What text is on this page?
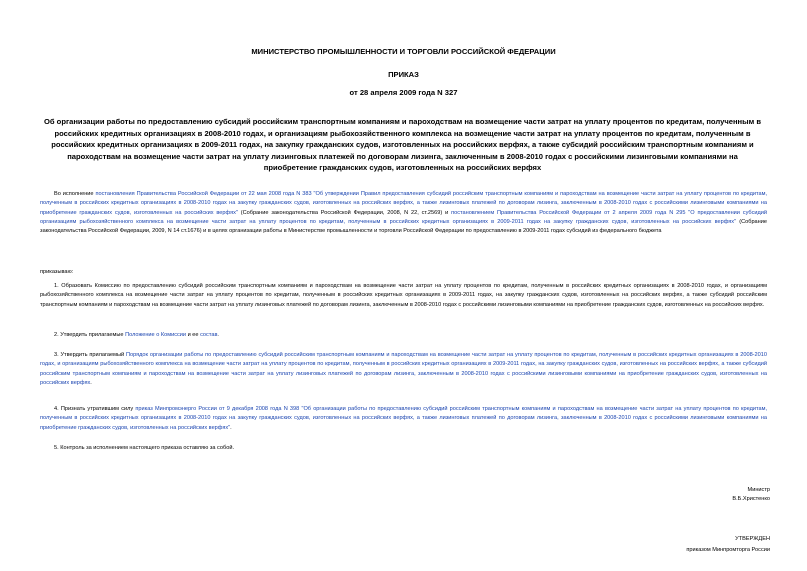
МИНИСТЕРСТВО ПРОМЫШЛЕННОСТИ И ТОРГОВЛИ РОССИЙСКОЙ ФЕДЕРАЦИИ
ПРИКАЗ
от 28 апреля 2009 года N 327
Об организации работы по предоставлению субсидий российским транспортным компаниям и пароходствам на возмещение части затрат на уплату процентов по кредитам, полученным в российских кредитных организациях в 2008-2010 годах, и организациям рыбохозяйственного комплекса на возмещение части затрат на уплату процентов по кредитам, полученным в российских кредитных организациях в 2009-2011 годах, на закупку гражданских судов, изготовленных на российских верфях, а также субсидий российским транспортным компаниям и пароходствам на возмещение части затрат на уплату лизинговых платежей по договорам лизинга, заключенным в 2008-2010 годах с российскими лизинговыми компаниями на приобретение гражданских судов, изготовленных на российских верфях
Во исполнение постановления Правительства Российской Федерации от 22 мая 2008 года N 383 "Об утверждении Правил предоставления субсидий российским транспортным компаниям и пароходствам на возмещение части затрат на уплату процентов по кредитам, полученным в российских кредитных организациях в 2008-2010 годах на закупку гражданских судов, изготовленных на российских верфях, а также лизинговых платежей по договорам лизинга, заключенным в 2008-2010 годах с российскими лизинговыми компаниями на приобретение гражданских судов, изготовленных на российских верфях" (Собрание законодательства Российской Федерации, 2008, N 22, ст.2569) и постановлением Правительства Российской Федерации от 2 апреля 2009 года N 295 "О предоставлении субсидий организациям рыбохозяйственного комплекса на возмещение части затрат на уплату процентов по кредитам, полученным в российских кредитных организациях в 2009-2011 годах на закупку гражданских судов, изготовленных на российских верфях" (Собрание законодательства Российской Федерации, 2009, N 14 ст.1676) и в целях организации работы в Министерстве промышленности и торговли Российской Федерации по предоставлению в 2009-2011 годах субсидий из федерального бюджета
приказываю:
1. Образовать Комиссию по предоставлению субсидий российским транспортным компаниям и пароходствам на возмещение части затрат на уплату процентов по кредитам, полученным в российских кредитных организациях в 2008-2010 годах, и организациям рыбохозяйственного комплекса на возмещение части затрат на уплату процентов по кредитам, полученным в российских кредитных организациях в 2009-2011 годах, на закупку гражданских судов, изготовленных на российских верфях, а также субсидий российским транспортным компаниям и пароходствам на возмещение части затрат на уплату лизинговых платежей по договорам лизинга, заключенным в 2008-2010 годах с российскими лизинговыми компаниями на приобретение гражданских судов, изготовленных на российских верфях.
2. Утвердить прилагаемые Положение о Комиссии и ее состав.
3. Утвердить прилагаемый Порядок организации работы по предоставлению субсидий российским транспортным компаниям и пароходствам на возмещение части затрат на уплату процентов по кредитам, полученным в российских кредитных организациях в 2008-2010 годах, и организациям рыбохозяйственного комплекса на возмещение части затрат на уплату процентов по кредитам, полученным в российских кредитных организациях в 2009-2011 годах, на закупку гражданских судов, изготовленных на российских верфях, а также субсидий российским транспортным компаниям и пароходствам на возмещение части затрат на уплату лизинговых платежей по договорам лизинга, заключенным в 2008-2010 годах с российскими лизинговыми компаниями на приобретение гражданских судов, изготовленных на российских верфях.
4. Признать утратившим силу приказ Минпромэнерго России от 9 декабря 2008 года N 398 "Об организации работы по предоставлению субсидий российским транспортным компаниям и пароходствам на возмещение части затрат на уплату процентов по кредитам, полученным в российских кредитных организациях в 2008-2010 годах на закупку гражданских судов, изготовленных на российских верфях, а также лизинговых платежей по договорам лизинга, заключенным в 2008-2010 годах с российскими лизинговыми компаниями на приобретение гражданских судов, изготовленных на российских верфях".
5. Контроль за исполнением настоящего приказа оставляю за собой.
Министр
В.Б.Христенко
УТВЕРЖДЕН
приказом Минпромторга России
